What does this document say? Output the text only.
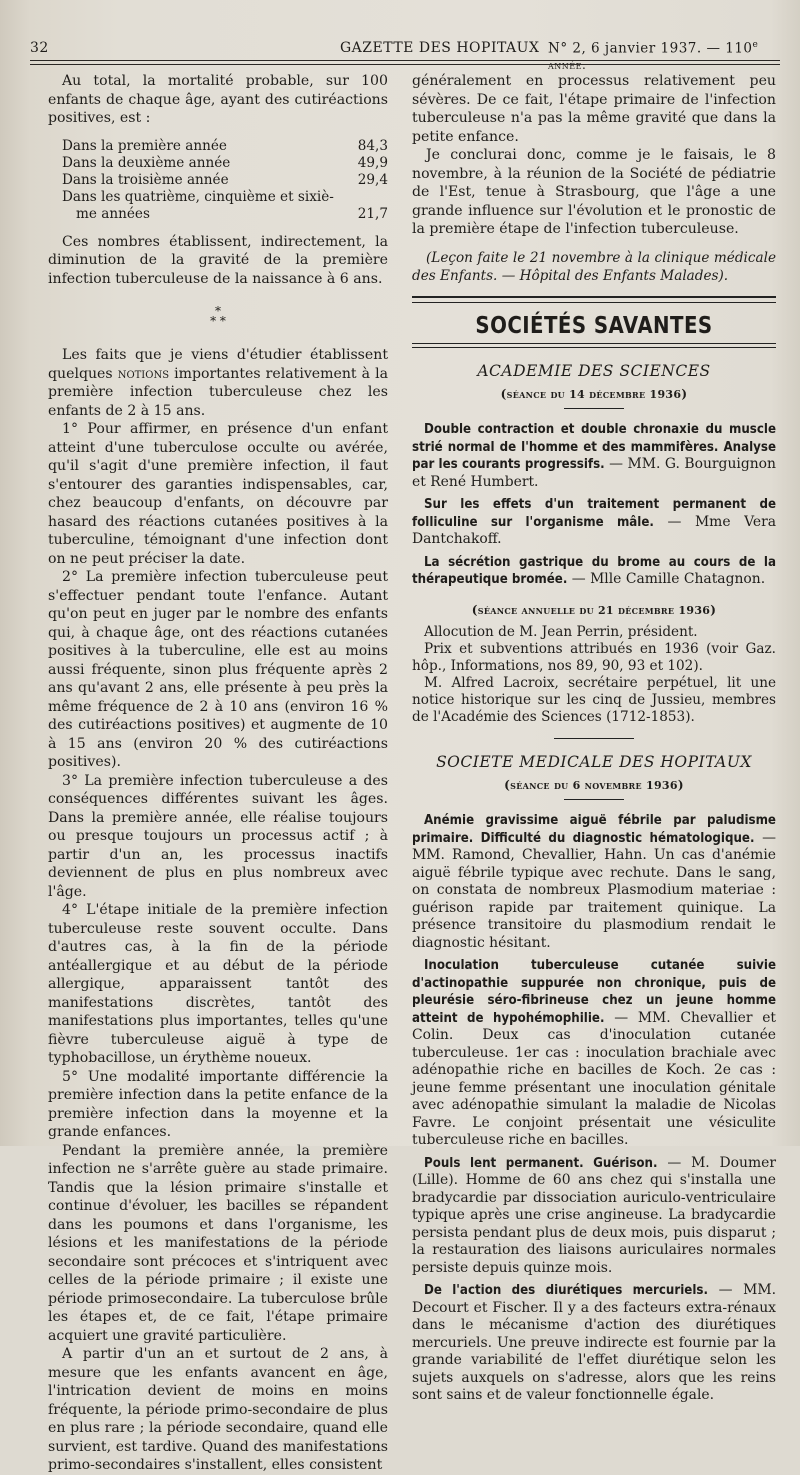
32	GAZETTE DES HOPITAUX N° 2, 6 janvier 1937. — 110e année.

Au total, la mortalité probable, sur 100 enfants de chaque âge, ayant des cutiréactions positives, est :

Dans la première année	84,3
Dans la deuxième année	49,9
Dans la troisième année	29,4
Dans les quatrième, cinquième et sixiè-
me années	21,7

Ces nombres établissent, indirectement, la diminution de la gravité de la première infection tuberculeuse de la naissance à 6 ans.

*
* *

Les faits que je viens d'étudier établissent quelques notions importantes relativement à la première infection tuberculeuse chez les enfants de 2 à 15 ans.

1° Pour affirmer, en présence d'un enfant atteint d'une tuberculose occulte ou avérée, qu'il s'agit d'une première infection, il faut s'entourer des garanties indispensables, car, chez beaucoup d'enfants, on découvre par hasard des réactions cutanées positives à la tuberculine, témoignant d'une infection dont on ne peut préciser la date.

2° La première infection tuberculeuse peut s'effectuer pendant toute l'enfance. Autant qu'on peut en juger par le nombre des enfants qui, à chaque âge, ont des réactions cutanées positives à la tuberculine, elle est au moins aussi fréquente, sinon plus fréquente après 2 ans qu'avant 2 ans, elle présente à peu près la même fréquence de 2 à 10 ans (environ 16 % des cutiréactions positives) et augmente de 10 à 15 ans (environ 20 % des cutiréactions positives).

3° La première infection tuberculeuse a des conséquences différentes suivant les âges. Dans la première année, elle réalise toujours ou presque toujours un processus actif ; à partir d'un an, les processus inactifs deviennent de plus en plus nombreux avec l'âge.

4° L'étape initiale de la première infection tuberculeuse reste souvent occulte. Dans d'autres cas, à la fin de la période antéallergique et au début de la période allergique, apparaissent tantôt des manifestations discrètes, tantôt des manifestations plus importantes, telles qu'une fièvre tuberculeuse aiguë à type de typhobacillose, un érythème noueux.

5° Une modalité importante différencie la première infection dans la petite enfance de la première infection dans la moyenne et la grande enfances.

Pendant la première année, la première infection ne s'arrête guère au stade primaire. Tandis que la lésion primaire s'installe et continue d'évoluer, les bacilles se répandent dans les poumons et dans l'organisme, les lésions et les manifestations de la période secondaire sont précoces et s'intriquent avec celles de la période primaire ; il existe une période primosecondaire. La tuberculose brûle les étapes et, de ce fait, l'étape primaire acquiert une gravité particulière.

A partir d'un an et surtout de 2 ans, à mesure que les enfants avancent en âge, l'intrication devient de moins en moins fréquente, la période primo-secondaire de plus en plus rare ; la période secondaire, quand elle survient, est tardive. Quand des manifestations primo-secondaires s'installent, elles consistent

généralement en processus relativement peu sévères. De ce fait, l'étape primaire de l'infection tuberculeuse n'a pas la même gravité que dans la petite enfance.

Je conclurai donc, comme je le faisais, le 8 novembre, à la réunion de la Société de pédiatrie de l'Est, tenue à Strasbourg, que l'âge a une grande influence sur l'évolution et le pronostic de la première étape de l'infection tuberculeuse.

(Leçon faite le 21 novembre à la clinique médicale des Enfants. — Hôpital des Enfants Malades).

SOCIÉTÉS SAVANTES
ACADEMIE DES SCIENCES
(séance du 14 décembre 1936)

Double contraction et double chronaxie du muscle strié normal de l'homme et des mammifères. Analyse par les courants progressifs. — MM. G. Bourguignon et René Humbert.

Sur les effets d'un traitement permanent de folliculine sur l'organisme mâle. — Mme Vera Dantchakoff.

La sécrétion gastrique du brome au cours de la thérapeutique bromée. — Mlle Camille Chatagnon.

(séance annuelle du 21 décembre 1936)

Allocution de M. Jean Perrin, président.

Prix et subventions attribués en 1936 (voir Gaz. hôp., Informations, nos 89, 90, 93 et 102).

M. Alfred Lacroix, secrétaire perpétuel, lit une notice historique sur les cinq de Jussieu, membres de l'Académie des Sciences (1712-1853).

SOCIETE MEDICALE DES HOPITAUX
(séance du 6 novembre 1936)

Anémie gravissime aiguë fébrile par paludisme primaire. Difficulté du diagnostic hématologique. — MM. Ramond, Chevallier, Hahn. Un cas d'anémie aiguë fébrile typique avec rechute. Dans le sang, on constata de nombreux Plasmodium materiae : guérison rapide par traitement quinique. La présence transitoire du plasmodium rendait le diagnostic hésitant.

Inoculation tuberculeuse cutanée suivie d'actinopathie suppurée non chronique, puis de pleurésie séro-fibrineuse chez un jeune homme atteint de hypohémophilie. — MM. Chevallier et Colin. Deux cas d'inoculation cutanée tuberculeuse. 1er cas : inoculation brachiale avec adénopathie riche en bacilles de Koch. 2e cas : jeune femme présentant une inoculation génitale avec adénopathie simulant la maladie de Nicolas Favre. Le conjoint présentait une vésiculite tuberculeuse riche en bacilles.

Pouls lent permanent. Guérison. — M. Doumer (Lille). Homme de 60 ans chez qui s'installa une bradycardie par dissociation auriculo-ventriculaire typique après une crise angineuse. La bradycardie persista pendant plus de deux mois, puis disparut ; la restauration des liaisons auriculaires normales persiste depuis quinze mois.

De l'action des diurétiques mercuriels. — MM. Decourt et Fischer. Il y a des facteurs extra-rénaux dans le mécanisme d'action des diurétiques mercuriels. Une preuve indirecte est fournie par la grande variabilité de l'effet diurétique selon les sujets auxquels on s'adresse, alors que les reins sont sains et de valeur fonctionnelle égale.
